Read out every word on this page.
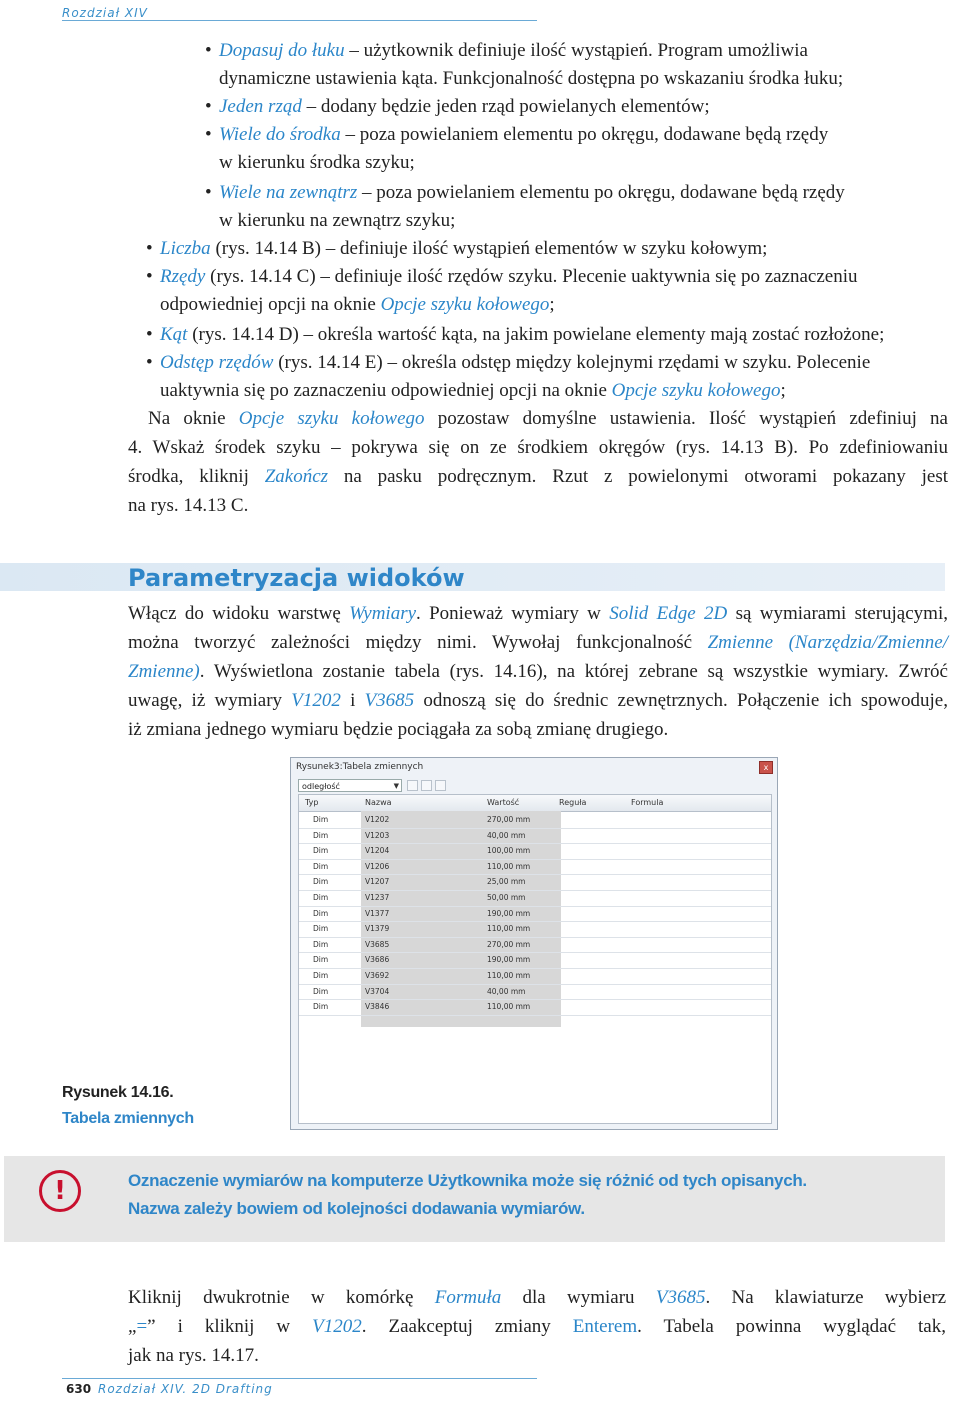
Rozdział XIV
• Dopasuj do łuku – użytkownik definiuje ilość wystąpień. Program umożliwia
dynamiczne ustawienia kąta. Funkcjonalność dostępna po wskazaniu środka łuku;
• Jeden rząd – dodany będzie jeden rząd powielanych elementów;
• Wiele do środka – poza powielaniem elementu po okręgu, dodawane będą rzędy
w kierunku środka szyku;
• Wiele na zewnątrz – poza powielaniem elementu po okręgu, dodawane będą rzędy
w kierunku na zewnątrz szyku;
• Liczba (rys. 14.14 B) – definiuje ilość wystąpień elementów w szyku kołowym;
• Rzędy (rys. 14.14 C) – definiuje ilość rzędów szyku. Plecenie uaktywnia się po zaznaczeniu
odpowiedniej opcji na oknie Opcje szyku kołowego;
• Kąt (rys. 14.14 D) – określa wartość kąta, na jakim powielane elementy mają zostać rozłożone;
• Odstęp rzędów (rys. 14.14 E) – określa odstęp między kolejnymi rzędami w szyku. Polecenie
uaktywnia się po zaznaczeniu odpowiedniej opcji na oknie Opcje szyku kołowego;
Na oknie Opcje szyku kołowego pozostaw domyślne ustawienia. Ilość wystąpień zdefiniuj na
4. Wskaż środek szyku – pokrywa się on ze środkiem okręgów (rys. 14.13 B). Po zdefiniowaniu
środka, kliknij Zakończ na pasku podręcznym. Rzut z powielonymi otworami pokazany jest
na rys. 14.13 C.
Parametryzacja widoków
Włącz do widoku warstwę Wymiary. Ponieważ wymiary w Solid Edge 2D są wymiarami sterującymi,
można tworzyć zależności między nimi. Wywołaj funkcjonalność Zmienne (Narzędzia/Zmienne/
Zmienne). Wyświetlona zostanie tabela (rys. 14.16), na której zebrane są wszystkie wymiary. Zwróć
uwagę, iż wymiary V1202 i V3685 odnoszą się do średnic zewnętrznych. Połączenie ich spowoduje,
iż zmiana jednego wymiaru będzie pociągała za sobą zmianę drugiego.
Rysunek3:Tabela zmiennych	x
odległość	▼
Typ	Nazwa	Wartość	Reguła	Formula
Dim	V1202	270,00 mm
Dim	V1203	40,00 mm
Dim	V1204	100,00 mm
Dim	V1206	110,00 mm
Dim	V1207	25,00 mm
Dim	V1237	50,00 mm
Dim	V1377	190,00 mm
Dim	V1379	110,00 mm
Dim	V3685	270,00 mm
Dim	V3686	190,00 mm
Dim	V3692	110,00 mm
Dim	V3704	40,00 mm
Dim	V3846	110,00 mm
Rysunek 14.16.
Tabela zmiennych
!	Oznaczenie wymiarów na komputerze Użytkownika może się różnić od tych opisanych.
Nazwa zależy bowiem od kolejności dodawania wymiarów.
Kliknij dwukrotnie w komórkę Formuła dla wymiaru V3685. Na klawiaturze wybierz
„=” i kliknij w V1202. Zaakceptuj zmiany Enterem. Tabela powinna wyglądać tak,
jak na rys. 14.17.
630 Rozdział XIV. 2D Drafting
